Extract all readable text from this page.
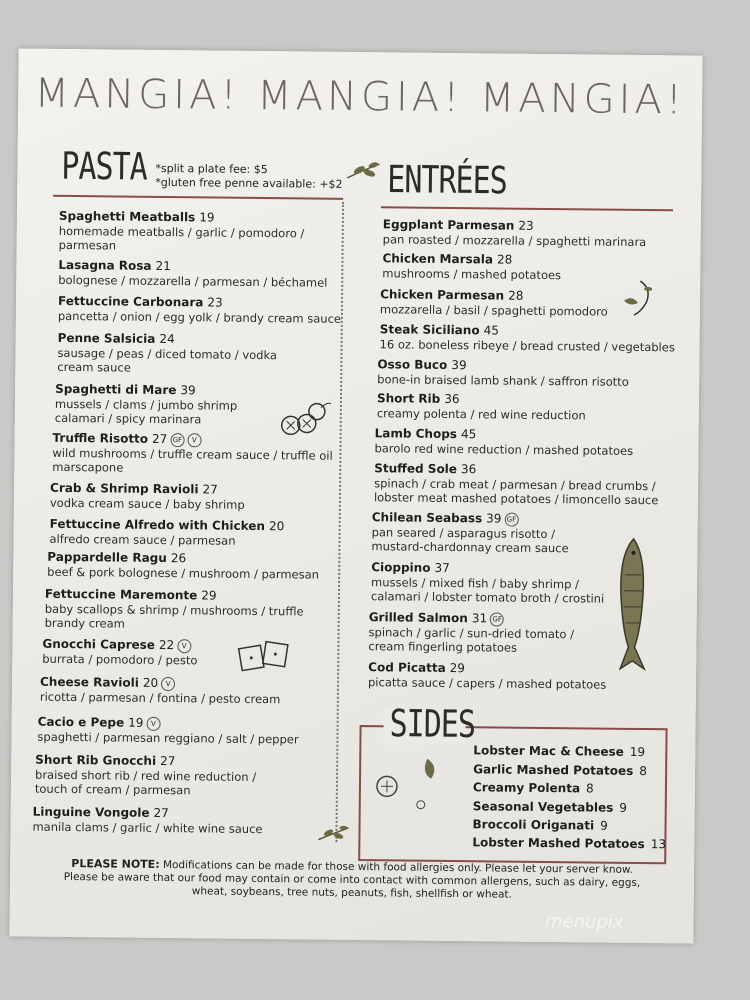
MANGIA! MANGIA! MANGIA!
PASTA *split a plate fee: $5
*gluten free penne available: +$2 ENTRÉES
Spaghetti Meatballs 19
homemade meatballs / garlic / pomodoro /
parmesan
Lasagna Rosa 21
bolognese / mozzarella / parmesan / béchamel
Fettuccine Carbonara 23
pancetta / onion / egg yolk / brandy cream sauce
Penne Salsicia 24
sausage / peas / diced tomato / vodka
cream sauce
Spaghetti di Mare 39
mussels / clams / jumbo shrimp
calamari / spicy marinara
Truffle Risotto 27 GF V
wild mushrooms / truffle cream sauce / truffle oil
marscapone
Crab & Shrimp Ravioli 27
vodka cream sauce / baby shrimp
Fettuccine Alfredo with Chicken 20
alfredo cream sauce / parmesan
Pappardelle Ragu 26
beef & pork bolognese / mushroom / parmesan
Fettuccine Maremonte 29
baby scallops & shrimp / mushrooms / truffle
brandy cream
Gnocchi Caprese 22 V
burrata / pomodoro / pesto
Cheese Ravioli 20 V
ricotta / parmesan / fontina / pesto cream
Cacio e Pepe 19 V
spaghetti / parmesan reggiano / salt / pepper
Short Rib Gnocchi 27
braised short rib / red wine reduction /
touch of cream / parmesan
Linguine Vongole 27
manila clams / garlic / white wine sauce
Eggplant Parmesan 23
pan roasted / mozzarella / spaghetti marinara
Chicken Marsala 28
mushrooms / mashed potatoes
Chicken Parmesan 28
mozzarella / basil / spaghetti pomodoro
Steak Siciliano 45
16 oz. boneless ribeye / bread crusted / vegetables
Osso Buco 39
bone-in braised lamb shank / saffron risotto
Short Rib 36
creamy polenta / red wine reduction
Lamb Chops 45
barolo red wine reduction / mashed potatoes
Stuffed Sole 36
spinach / crab meat / parmesan / bread crumbs /
lobster meat mashed potatoes / limoncello sauce
Chilean Seabass 39 GF
pan seared / asparagus risotto /
mustard-chardonnay cream sauce
Cioppino 37
mussels / mixed fish / baby shrimp /
calamari / lobster tomato broth / crostini
Grilled Salmon 31 GF
spinach / garlic / sun-dried tomato /
cream fingerling potatoes
Cod Picatta 29
picatta sauce / capers / mashed potatoes
SIDES
Lobster Mac & Cheese 19
Garlic Mashed Potatoes 8
Creamy Polenta 8
Seasonal Vegetables 9
Broccoli Origanati 9
Lobster Mashed Potatoes 13
PLEASE NOTE: Modifications can be made for those with food allergies only. Please let your server know.
Please be aware that our food may contain or come into contact with common allergens, such as dairy, eggs,
wheat, soybeans, tree nuts, peanuts, fish, shellfish or wheat.
menupix
